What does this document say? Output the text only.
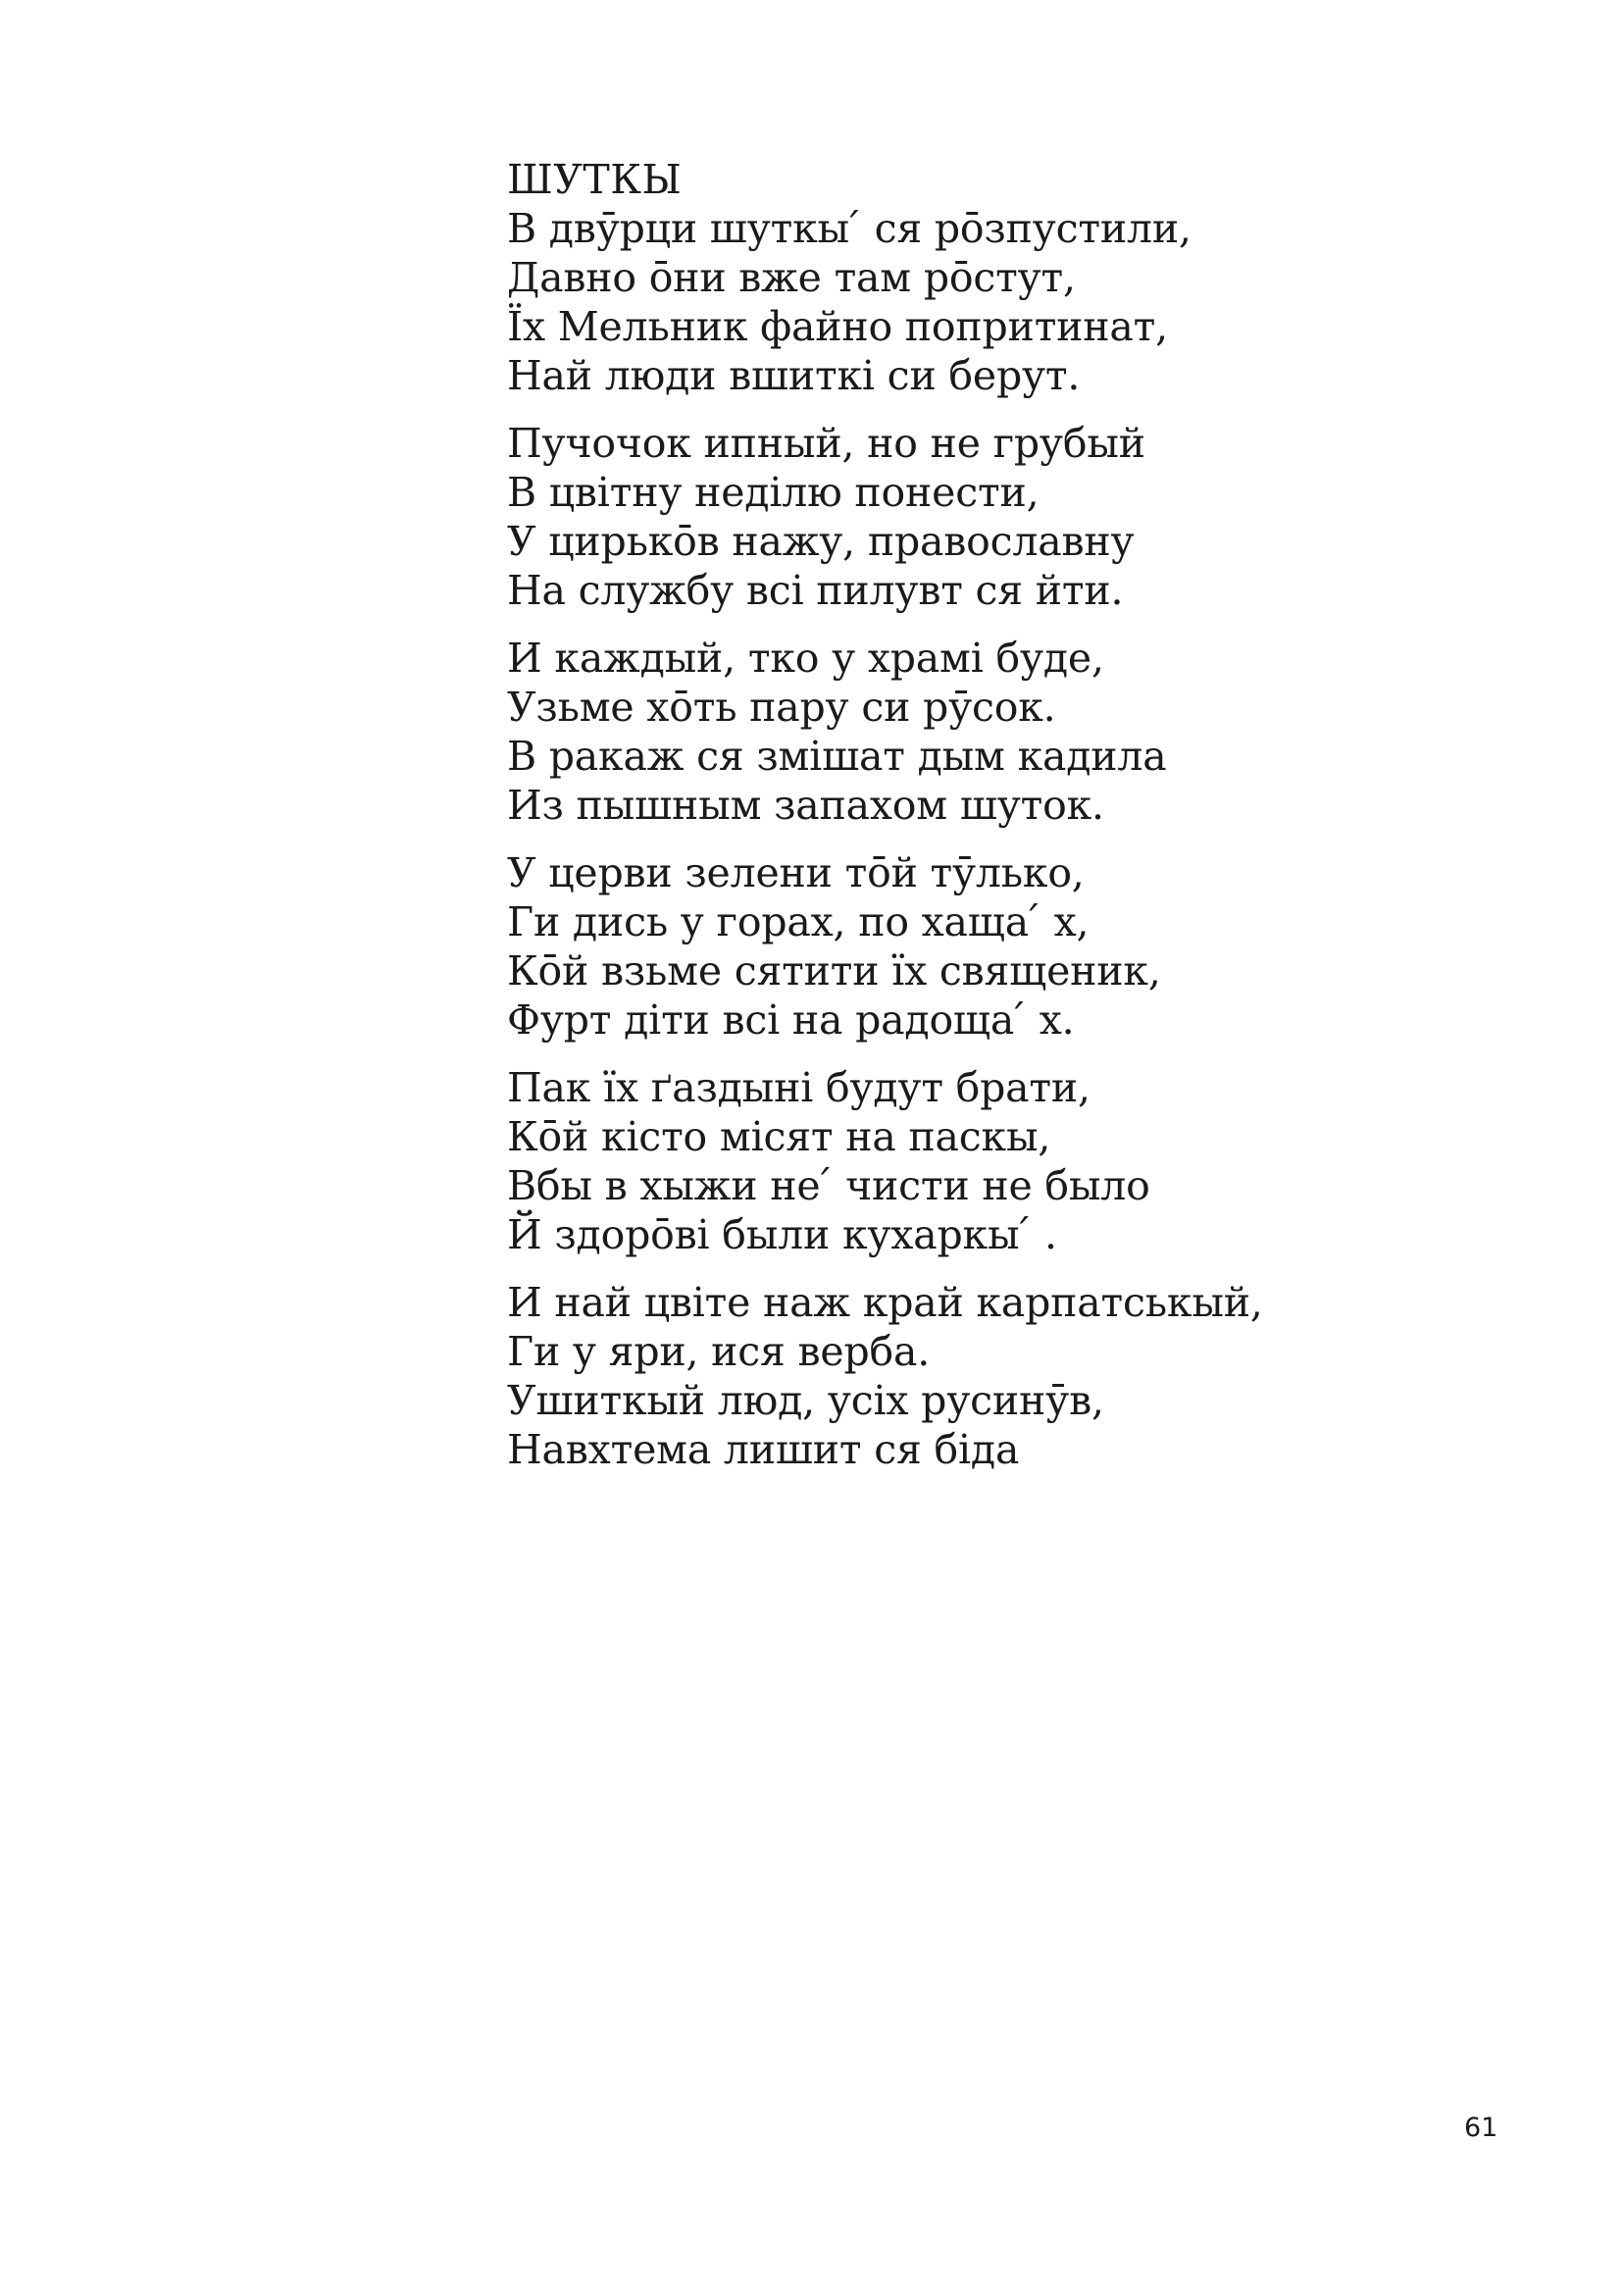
ШУТКЫ
В двӯрци шуткы ́ ся рōзпустили,
Давно ōни вже там рōстут,
Їх Мельник файно попритинат,
Най люди вшиткі си берут.
Пучочок ипный, но не грубый
В цвітну неділю понести,
У цирькōв нажу, православну
На службу всі пилувт ся йти.
И каждый, тко у храмі буде,
Узьме хōть пару си рӯсок.
В ракаж ся змішат дым кадила
Из пышным запахом шуток.
У церви зелени тōй тӯлько,
Ги дись у горах, по хаща ́ х,
Кōй взьме сятити їх священик,
Фурт діти всі на радоща ́ х.
Пак їх ґаздыні будут брати,
Кōй кісто місят на паскы,
Вбы в хыжи не ́ чисти не было
Й здорōві были кухаркы ́ .
И най цвіте наж край карпатськый,
Ги у яри, ися верба.
Ушиткый люд, усіх русинӯв,
Навхтема лишит ся біда
61
